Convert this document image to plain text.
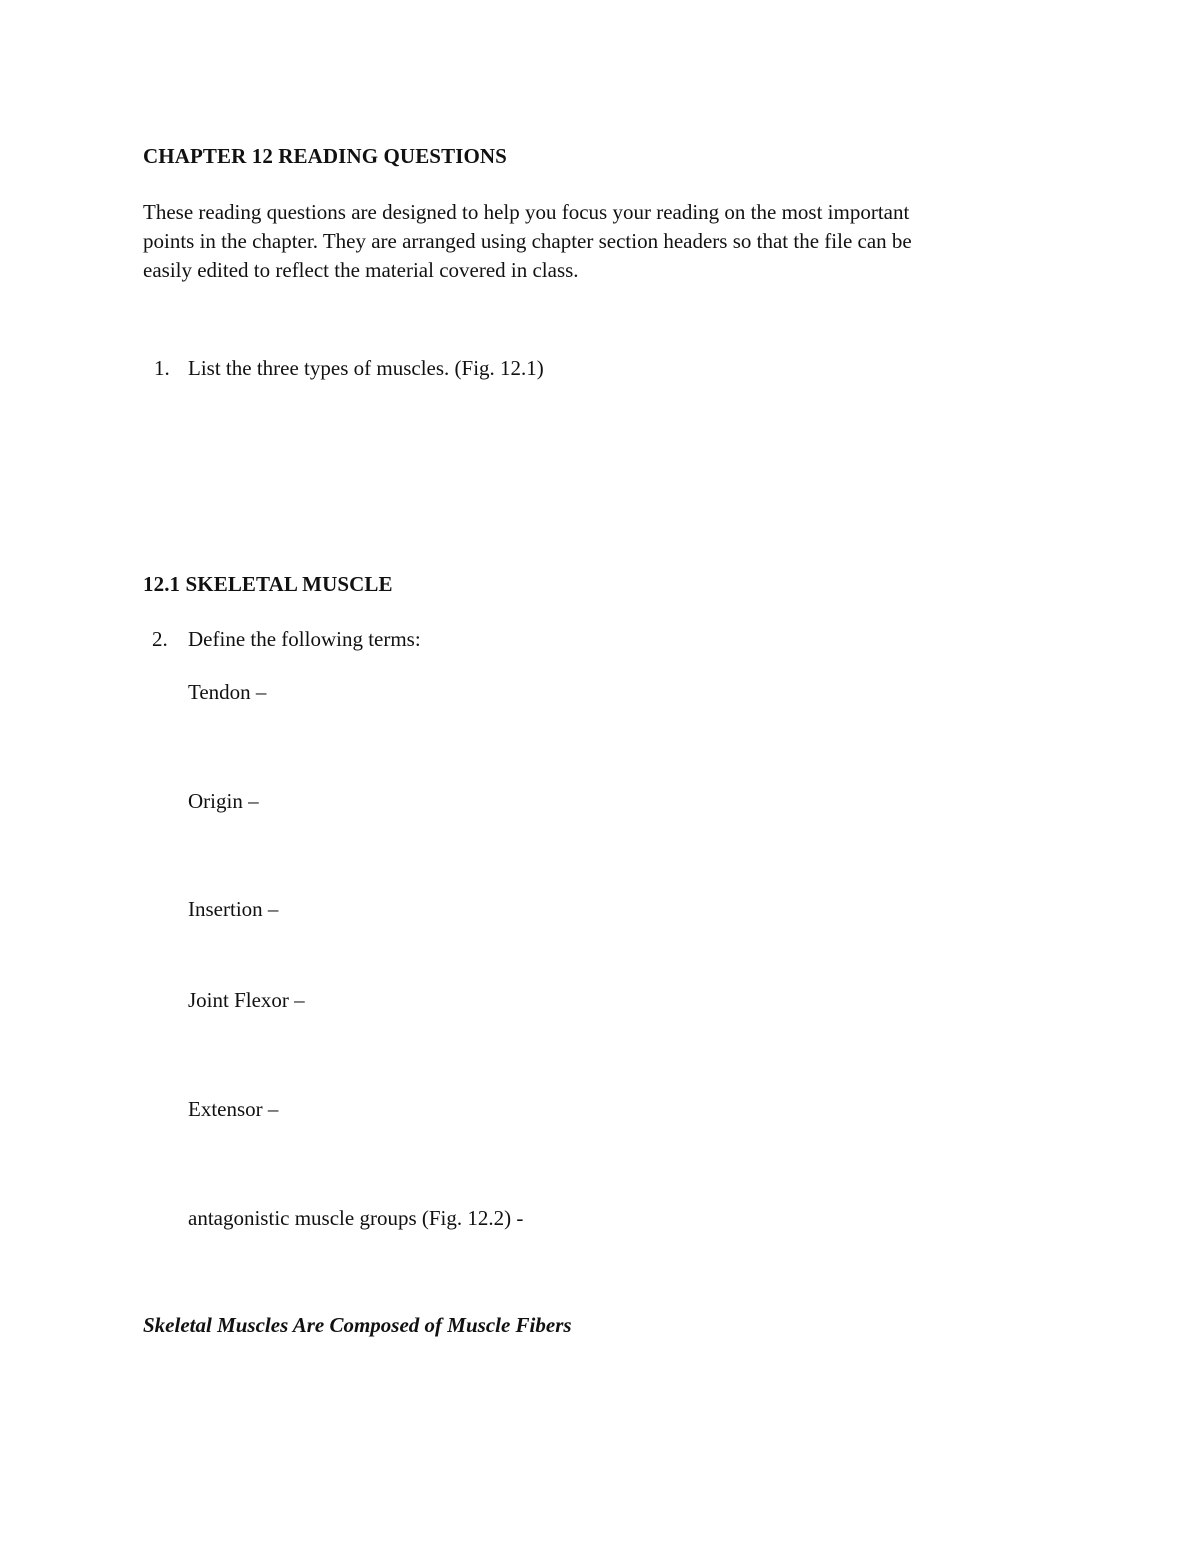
CHAPTER 12 READING QUESTIONS
These reading questions are designed to help you focus your reading on the most important
points in the chapter. They are arranged using chapter section headers so that the file can be
easily edited to reflect the material covered in class.
1. List the three types of muscles. (Fig. 12.1)
12.1 SKELETAL MUSCLE
2. Define the following terms:
Tendon –
Origin –
Insertion –
Joint Flexor –
Extensor –
antagonistic muscle groups (Fig. 12.2) -
Skeletal Muscles Are Composed of Muscle Fibers
